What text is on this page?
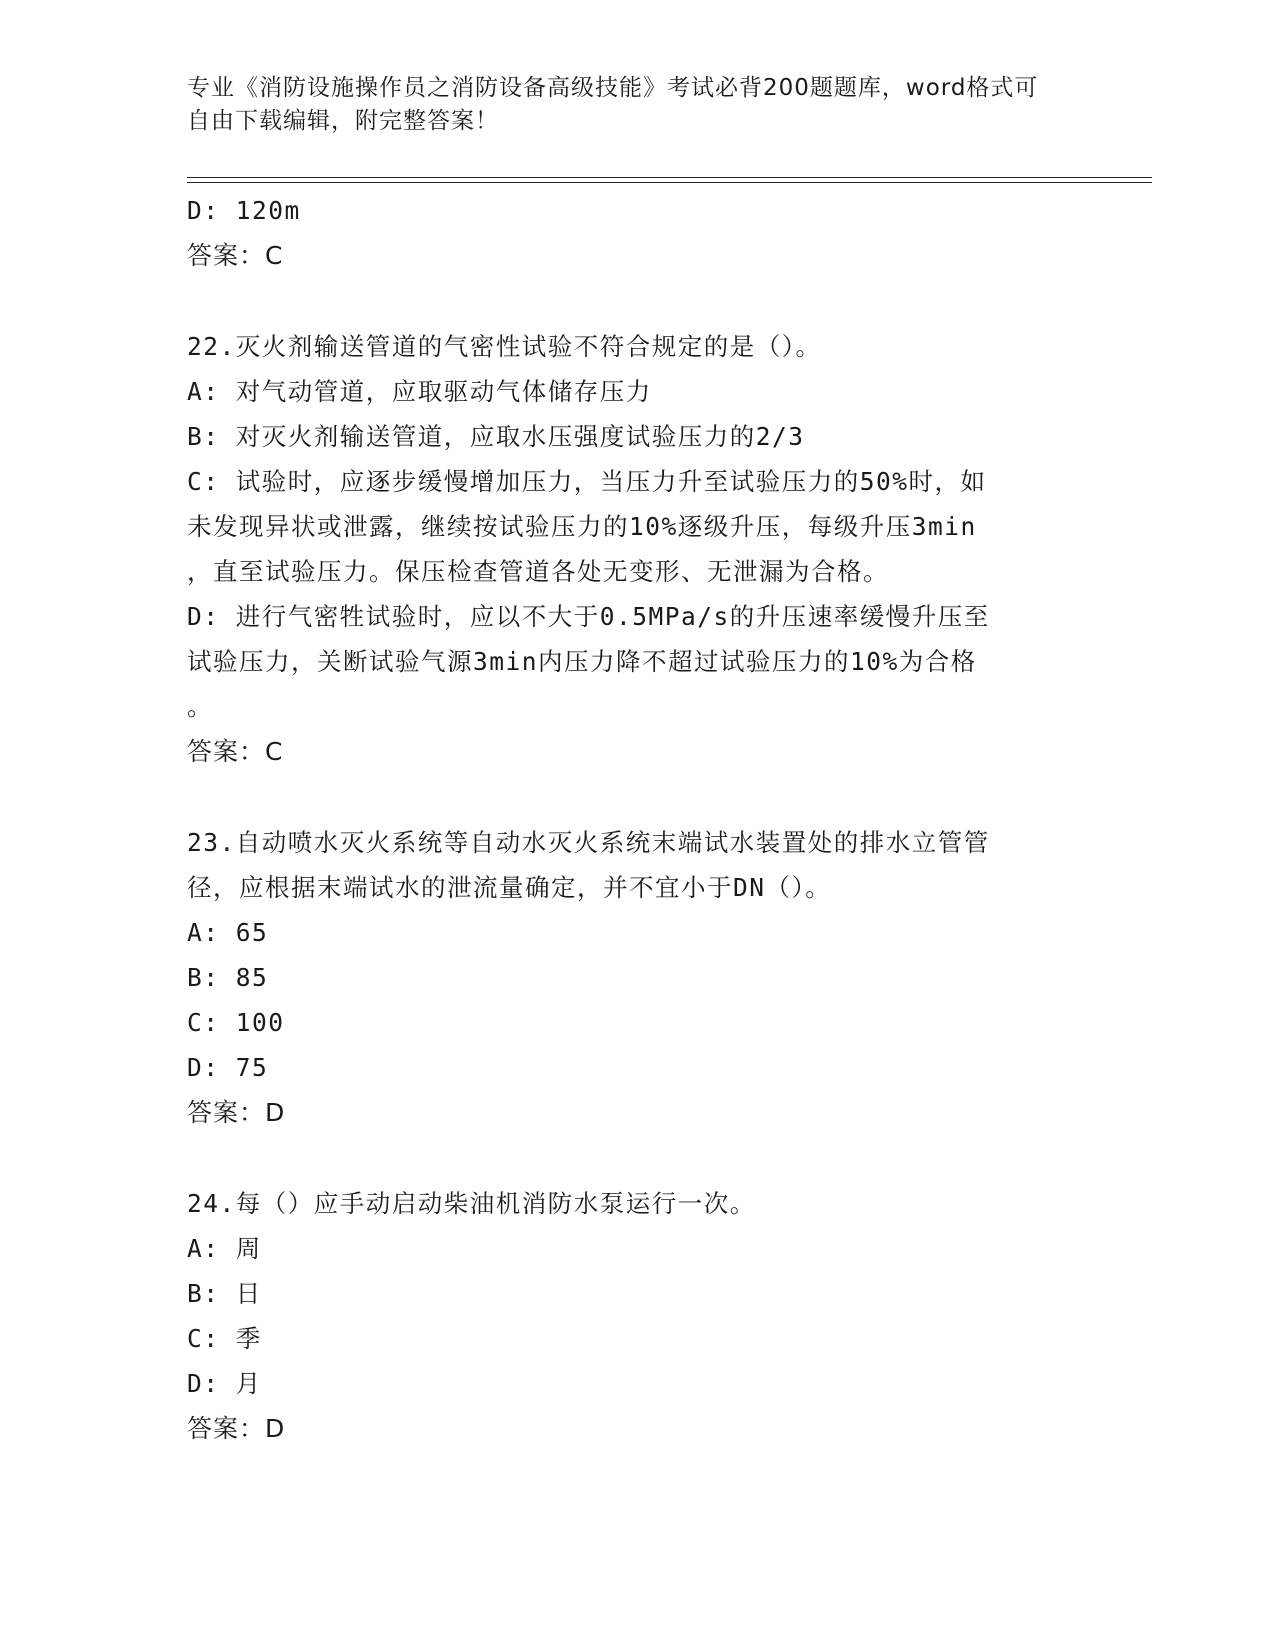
专业《消防设施操作员之消防设备高级技能》考试必背200题题库，word格式可
自由下载编辑，附完整答案！
D: 120m
答案：C
22.灭火剂输送管道的气密性试验不符合规定的是（）。
A: 对气动管道，应取驱动气体储存压力
B: 对灭火剂输送管道，应取水压强度试验压力的2/3
C: 试验时，应逐步缓慢增加压力，当压力升至试验压力的50%时，如
未发现异状或泄露，继续按试验压力的10%逐级升压，每级升压3min
，直至试验压力。保压检查管道各处无变形、无泄漏为合格。
D: 进行气密牲试验时，应以不大于0.5MPa/s的升压速率缓慢升压至
试验压力，关断试验气源3min内压力降不超过试验压力的10%为合格
。
答案：C
23.自动喷水灭火系统等自动水灭火系统末端试水装置处的排水立管管
径，应根据末端试水的泄流量确定，并不宜小于DN（）。
A: 65
B: 85
C: 100
D: 75
答案：D
24.每（）应手动启动柴油机消防水泵运行一次。
A: 周
B: 日
C: 季
D: 月
答案：D
